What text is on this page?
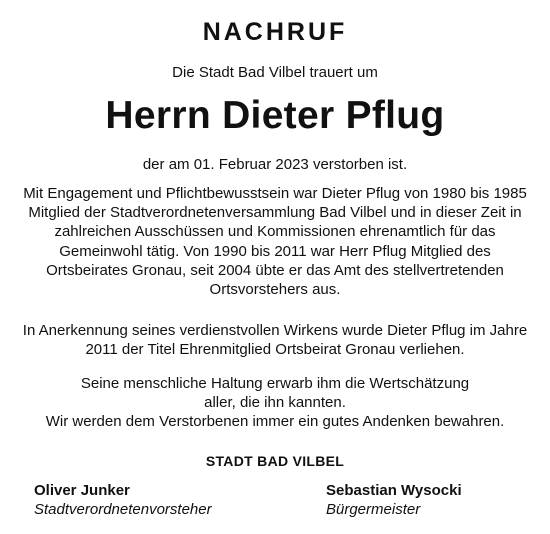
NACHRUF
Die Stadt Bad Vilbel trauert um
Herrn Dieter Pflug
der am 01. Februar 2023 verstorben ist.
Mit Engagement und Pflichtbewusstsein war Dieter Pflug von 1980 bis 1985 Mitglied der Stadtverordnetenversammlung Bad Vilbel und in dieser Zeit in zahlreichen Ausschüssen und Kommissionen ehrenamtlich für das Gemeinwohl tätig. Von 1990 bis 2011 war Herr Pflug Mitglied des Ortsbeirates Gronau, seit 2004 übte er das Amt des stellvertretenden Ortsvorstehers aus.
In Anerkennung seines verdienstvollen Wirkens wurde Dieter Pflug im Jahre 2011 der Titel Ehrenmitglied Ortsbeirat Gronau verliehen.
Seine menschliche Haltung erwarb ihm die Wertschätzung aller, die ihn kannten.
Wir werden dem Verstorbenen immer ein gutes Andenken bewahren.
STADT BAD VILBEL
Oliver Junker
Stadtverordnetenvorsteher
Sebastian Wysocki
Bürgermeister
